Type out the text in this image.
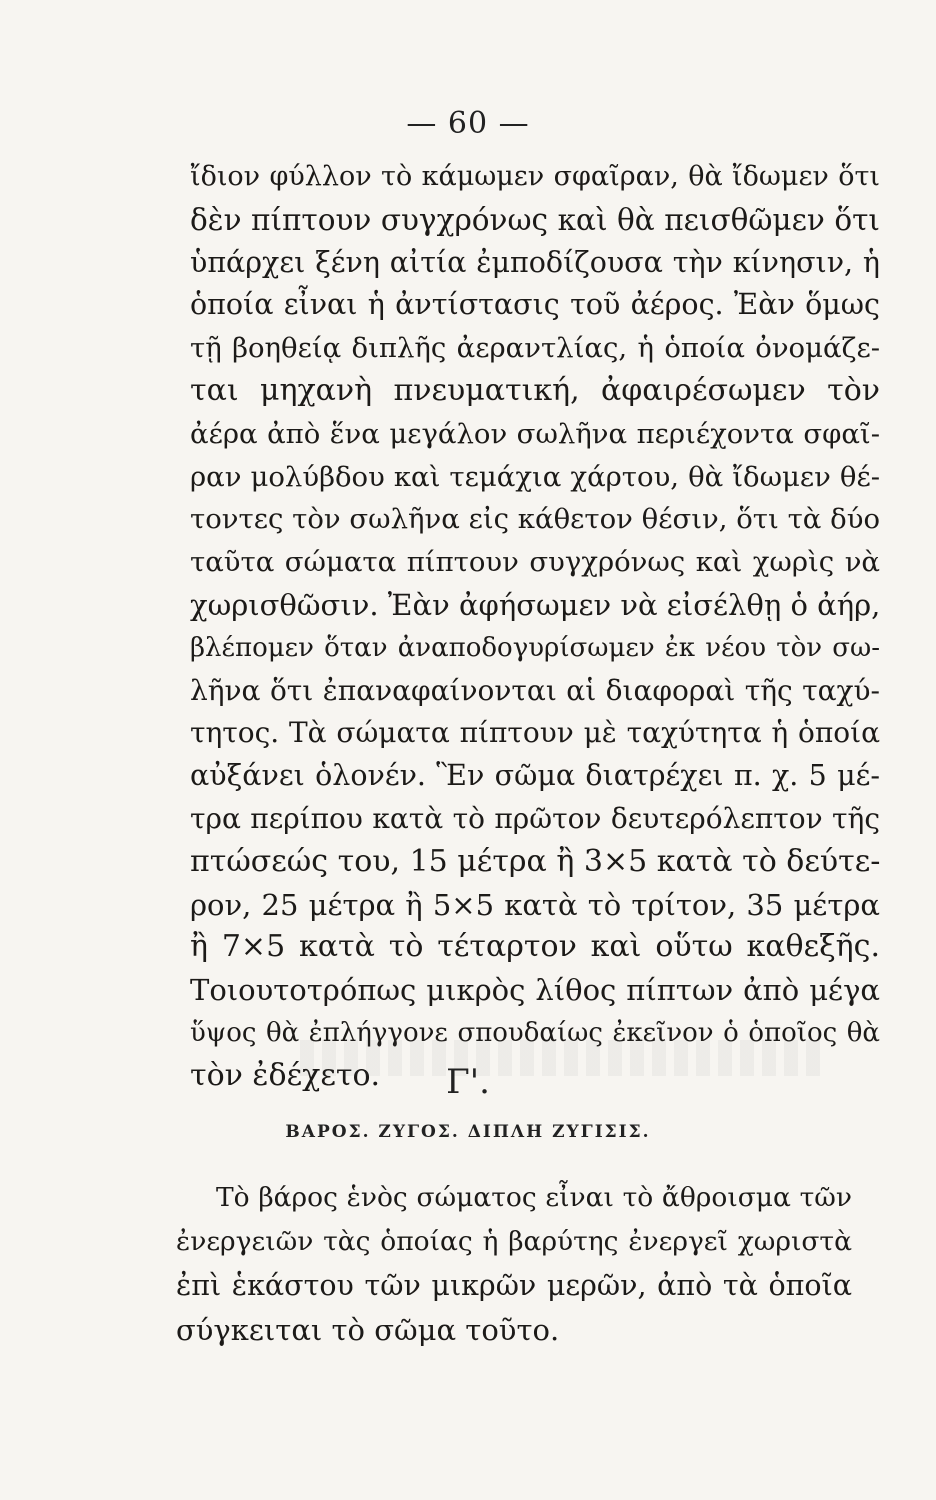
— 60 —
ἴδιον φύλλον τὸ κάμωμεν σφαῖραν, θὰ ἴδωμεν ὅτι
δὲν πίπτουν συγχρόνως καὶ θὰ πεισθῶμεν ὅτι
ὑπάρχει ξένη αἰτία ἐμποδίζουσα τὴν κίνησιν, ἡ
ὁποία εἶναι ἡ ἀντίστασις τοῦ ἀέρος. Ἐὰν ὅμως
τῇ βοηθείᾳ διπλῆς ἀεραντλίας, ἡ ὁποία ὀνομάζε-
ται μηχανὴ πνευματική, ἀφαιρέσωμεν τὸν
ἀέρα ἀπὸ ἕνα μεγάλον σωλῆνα περιέχοντα σφαῖ-
ραν μολύβδου καὶ τεμάχια χάρτου, θὰ ἴδωμεν θέ-
τοντες τὸν σωλῆνα εἰς κάθετον θέσιν, ὅτι τὰ δύο
ταῦτα σώματα πίπτουν συγχρόνως καὶ χωρὶς νὰ
χωρισθῶσιν. Ἐὰν ἀφήσωμεν νὰ εἰσέλθῃ ὁ ἀήρ,
βλέπομεν ὅταν ἀναποδογυρίσωμεν ἐκ νέου τὸν σω-
λῆνα ὅτι ἐπαναφαίνονται αἱ διαφοραὶ τῆς ταχύ-
τητος. Τὰ σώματα πίπτουν μὲ ταχύτητα ἡ ὁποία
αὐξάνει ὁλονέν. Ἓν σῶμα διατρέχει π. χ. 5 μέ-
τρα περίπου κατὰ τὸ πρῶτον δευτερόλεπτον τῆς
πτώσεώς του, 15 μέτρα ἢ 3×5 κατὰ τὸ δεύτε-
ρον, 25 μέτρα ἢ 5×5 κατὰ τὸ τρίτον, 35 μέτρα
ἢ 7×5 κατὰ τὸ τέταρτον καὶ οὕτω καθεξῆς.
Τοιουτοτρόπως μικρὸς λίθος πίπτων ἀπὸ μέγα
ὕψος θὰ ἐπλήγγονε σπουδαίως ἐκεῖνον ὁ ὁποῖος θὰ
τὸν ἐδέχετο.	Γ'.
ΒΑΡΟΣ. ΖΥΓΟΣ. ΔΙΠΛΗ ΖΥΓΙΣΙΣ.
Τὸ βάρος ἑνὸς σώματος εἶναι τὸ ἄθροισμα τῶν
ἐνεργειῶν τὰς ὁποίας ἡ βαρύτης ἐνεργεῖ χωριστὰ
ἐπὶ ἑκάστου τῶν μικρῶν μερῶν, ἀπὸ τὰ ὁποῖα
σύγκειται τὸ σῶμα τοῦτο.
